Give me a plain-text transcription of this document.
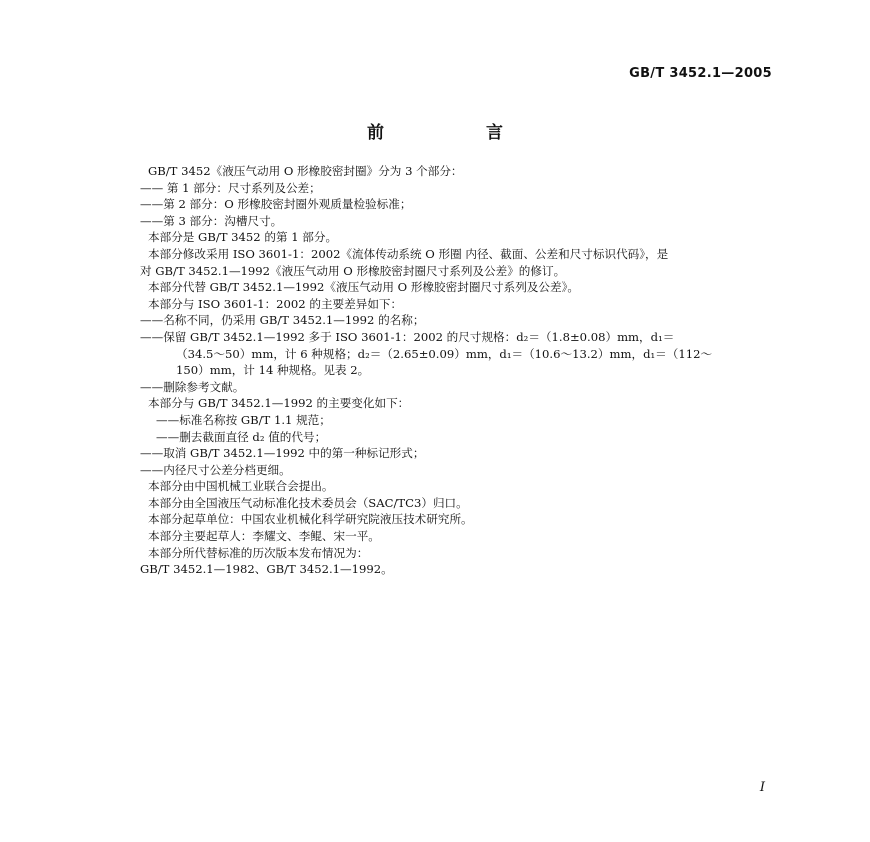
GB/T 3452.1—2005
前 言
GB/T 3452《液压气动用 O 形橡胶密封圈》分为 3 个部分：
—— 第 1 部分：尺寸系列及公差；
——第 2 部分：O 形橡胶密封圈外观质量检验标准；
——第 3 部分：沟槽尺寸。
本部分是 GB/T 3452 的第 1 部分。
本部分修改采用 ISO 3601-1：2002《流体传动系统 O 形圈 内径、截面、公差和尺寸标识代码》，是
对 GB/T 3452.1—1992《液压气动用 O 形橡胶密封圈尺寸系列及公差》的修订。
本部分代替 GB/T 3452.1—1992《液压气动用 O 形橡胶密封圈尺寸系列及公差》。
本部分与 ISO 3601-1：2002 的主要差异如下：
——名称不同，仍采用 GB/T 3452.1—1992 的名称；
——保留 GB/T 3452.1—1992 多于 ISO 3601-1：2002 的尺寸规格：d₂＝（1.8±0.08）mm，d₁＝
（34.5～50）mm，计 6 种规格；d₂＝（2.65±0.09）mm，d₁＝（10.6～13.2）mm，d₁＝（112～
150）mm，计 14 种规格。见表 2。
——删除参考文献。
本部分与 GB/T 3452.1—1992 的主要变化如下：
——标准名称按 GB/T 1.1 规范；
——删去截面直径 d₂ 值的代号；
——取消 GB/T 3452.1—1992 中的第一种标记形式；
——内径尺寸公差分档更细。
本部分由中国机械工业联合会提出。
本部分由全国液压气动标准化技术委员会（SAC/TC3）归口。
本部分起草单位：中国农业机械化科学研究院液压技术研究所。
本部分主要起草人：李耀文、李鲲、宋一平。
本部分所代替标准的历次版本发布情况为：
GB/T 3452.1—1982、GB/T 3452.1—1992。
I
